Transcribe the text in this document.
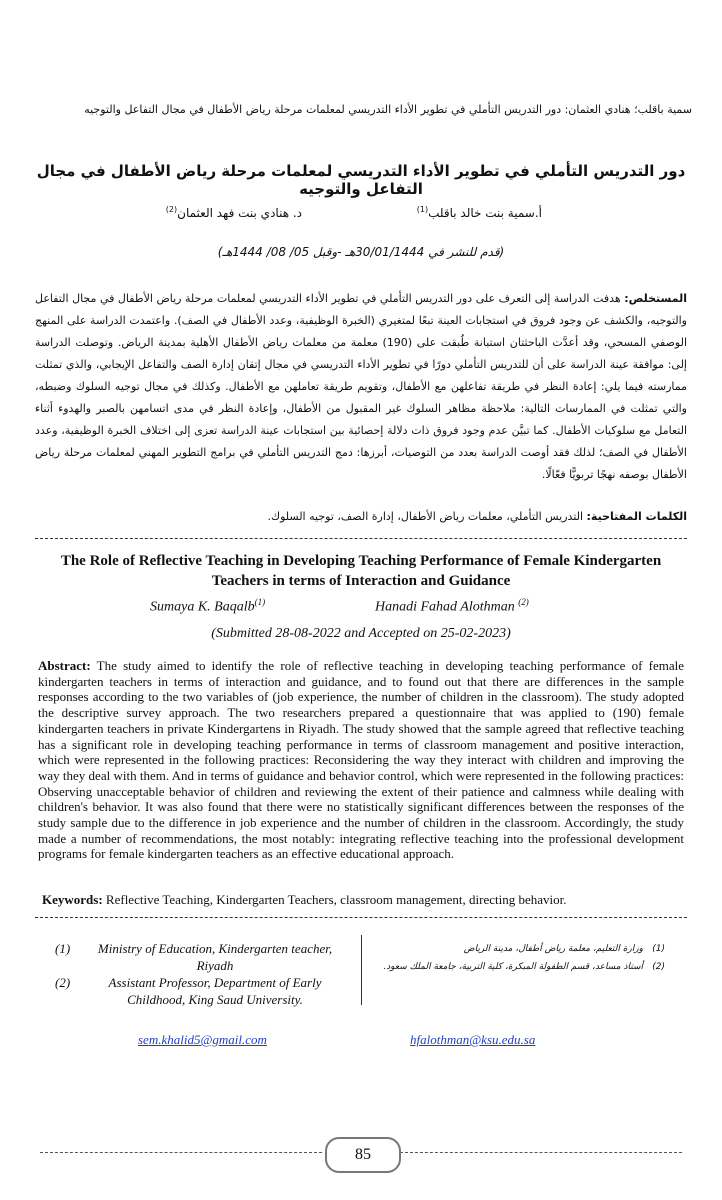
سمية باقلب؛ هنادي العثمان: دور التدريس التأملي في تطوير الأداء التدريسي لمعلمات مرحلة رياض الأطفال في مجال التفاعل والتوجيه
دور التدريس التأملي في تطوير الأداء التدريسي لمعلمات مرحلة رياض الأطفال في مجال التفاعل والتوجيه
أ.سمية بنت خالد باقلب$^{(1)}$
د. هنادي بنت فهد العثمان$^{(2)}$
(قدم للنشر في 30/01/1444هـ -وقبل 05/ 08/ 1444هـ)
المستخلص: هدفت الدراسة إلى التعرف على دور التدريس التأملي في تطوير الأداء التدريسي لمعلمات مرحلة رياض الأطفال في مجال التفاعل والتوجيه، والكشف عن وجود فروق في استجابات العينة تبعًا لمتغيري (الخبرة الوظيفية، وعدد الأطفال في الصف). واعتمدت الدراسة على المنهج الوصفي المسحي، وقد أعدَّت الباحثتان استبانة طُبقت على (190) معلمة من معلمات رياض الأطفال الأهلية بمدينة الرياض. وتوصلت الدراسة إلى: موافقة عينة الدراسة على أن للتدريس التأملي دورًا في تطوير الأداء التدريسي في مجال إتقان إدارة الصف والتفاعل الإيجابي، والذي تمثلت ممارسته فيما يلي: إعادة النظر في طريقة تفاعلهن مع الأطفال، وتقويم طريقة تعاملهن مع الأطفال. وكذلك في مجال توجيه السلوك وضبطه، والتي تمثلت في الممارسات التالية: ملاحظة مظاهر السلوك غير المقبول من الأطفال، وإعادة النظر في مدى اتسامهن بالصبر والهدوء أثناء التعامل مع سلوكيات الأطفال. كما تبيَّن عدم وجود فروق ذات دلالة إحصائية بين استجابات عينة الدراسة تعزى إلى اختلاف الخبرة الوظيفية، وعدد الأطفال في الصف؛ لذلك فقد أوصت الدراسة بعدد من التوصيات، أبرزها: دمج التدريس التأملي في برامج التطوير المهني لمعلمات مرحلة رياض الأطفال بوصفه نهجًا تربويًّا فعّالًا.
الكلمات المفتاحية: التدريس التأملي، معلمات رياض الأطفال، إدارة الصف، توجيه السلوك.
The Role of Reflective Teaching in Developing Teaching Performance of Female Kindergarten Teachers in terms of Interaction and Guidance
Sumaya K. Baqalb$^{(1)}$	Hanadi Fahad Alothman $^{(2)}$
(Submitted 28-08-2022 and Accepted on 25-02-2023)
Abstract: The study aimed to identify the role of reflective teaching in developing teaching performance of female kindergarten teachers in terms of interaction and guidance, and to found out that there are differences in the sample responses according to the two variables of (job experience, the number of children in the classroom). The study adopted the descriptive survey approach. The two researchers prepared a questionnaire that was applied to (190) female kindergarten teachers in private Kindergartens in Riyadh. The study showed that the sample agreed that reflective teaching has a significant role in developing teaching performance in terms of classroom management and positive interaction, which were represented in the following practices: Reconsidering the way they interact with children and improving the way they deal with them. And in terms of guidance and behavior control, which were represented in the following practices: Observing unacceptable behavior of children and reviewing the extent of their patience and calmness while dealing with children's behavior. It was also found that there were no statistically significant differences between the responses of the study sample due to the difference in job experience and the number of children in the classroom. Accordingly, the study made a number of recommendations, the most notably: integrating reflective teaching into the professional development programs for female kindergarten teachers as an effective educational approach.
Keywords: Reflective Teaching, Kindergarten Teachers, classroom management, directing behavior.
(1)	Ministry of Education, Kindergarten teacher, Riyadh
(2)	Assistant Professor, Department of Early Childhood, King Saud University.
(1)
وزارة التعليم، معلمة رياض أطفال، مدينة الرياض
(2)
أستاذ مساعد، قسم الطفولة المبكرة، كلية التربية، جامعة الملك سعود.
sem.khalid5@gmail.com	hfalothman@ksu.edu.sa
85
